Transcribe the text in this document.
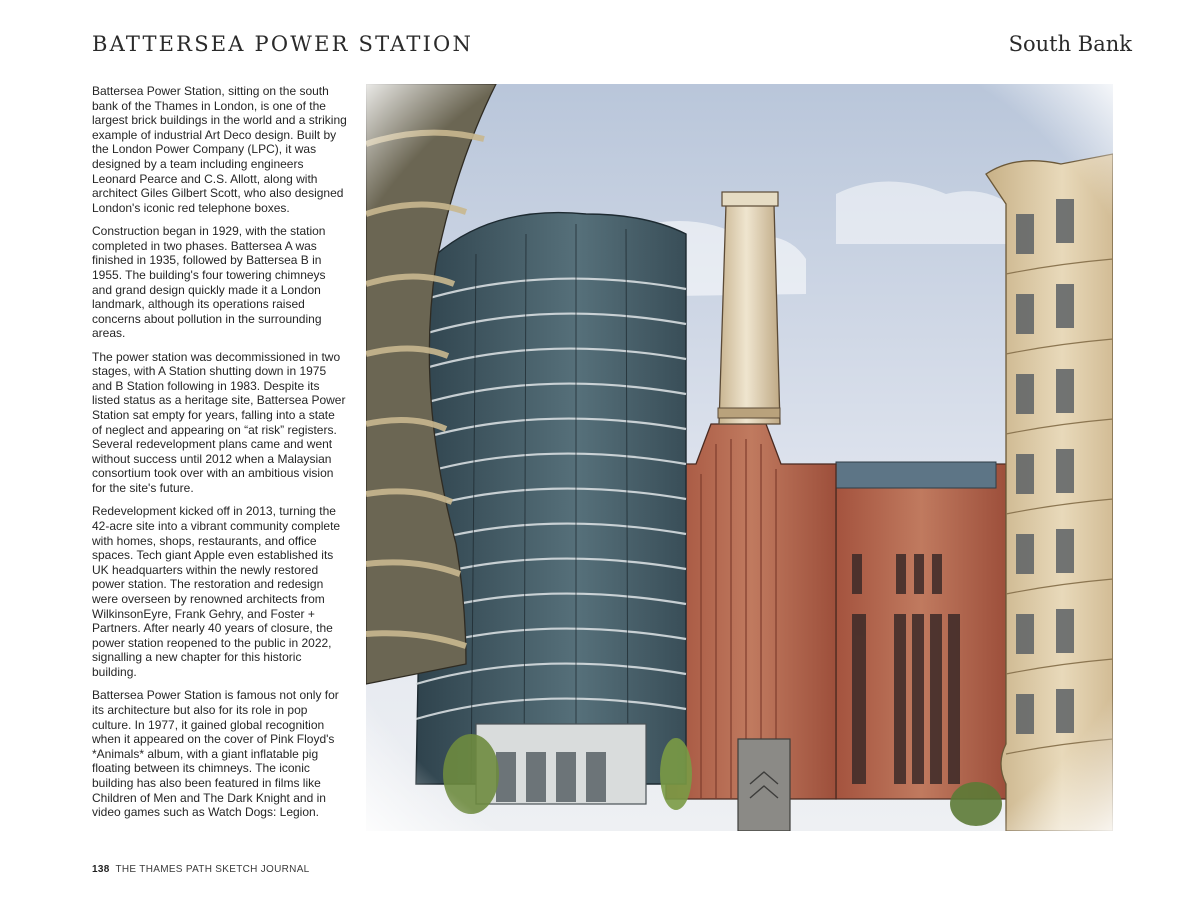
BATTERSEA POWER STATION	South Bank

Battersea Power Station, sitting on the south bank of the Thames in London, is one of the largest brick buildings in the world and a striking example of industrial Art Deco design. Built by the London Power Company (LPC), it was designed by a team including engineers Leonard Pearce and C.S. Allott, along with architect Giles Gilbert Scott, who also designed London's iconic red telephone boxes.

Construction began in 1929, with the station completed in two phases. Battersea A was finished in 1935, followed by Battersea B in 1955. The building's four towering chimneys and grand design quickly made it a London landmark, although its operations raised concerns about pollution in the surrounding areas.

The power station was decommissioned in two stages, with A Station shutting down in 1975 and B Station following in 1983. Despite its listed status as a heritage site, Battersea Power Station sat empty for years, falling into a state of neglect and appearing on “at risk” registers. Several redevelopment plans came and went without success until 2012 when a Malaysian consortium took over with an ambitious vision for the site's future.

Redevelopment kicked off in 2013, turning the 42-acre site into a vibrant community complete with homes, shops, restaurants, and office spaces. Tech giant Apple even established its UK headquarters within the newly restored power station. The restoration and redesign were overseen by renowned architects from WilkinsonEyre, Frank Gehry, and Foster + Partners. After nearly 40 years of closure, the power station reopened to the public in 2022, signalling a new chapter for this historic building.

Battersea Power Station is famous not only for its architecture but also for its role in pop culture. In 1977, it gained global recognition when it appeared on the cover of Pink Floyd's *Animals* album, with a giant inflatable pig floating between its chimneys. The iconic building has also been featured in films like Children of Men and The Dark Knight and in video games such as Watch Dogs: Legion.

138 THE THAMES PATH SKETCH JOURNAL
